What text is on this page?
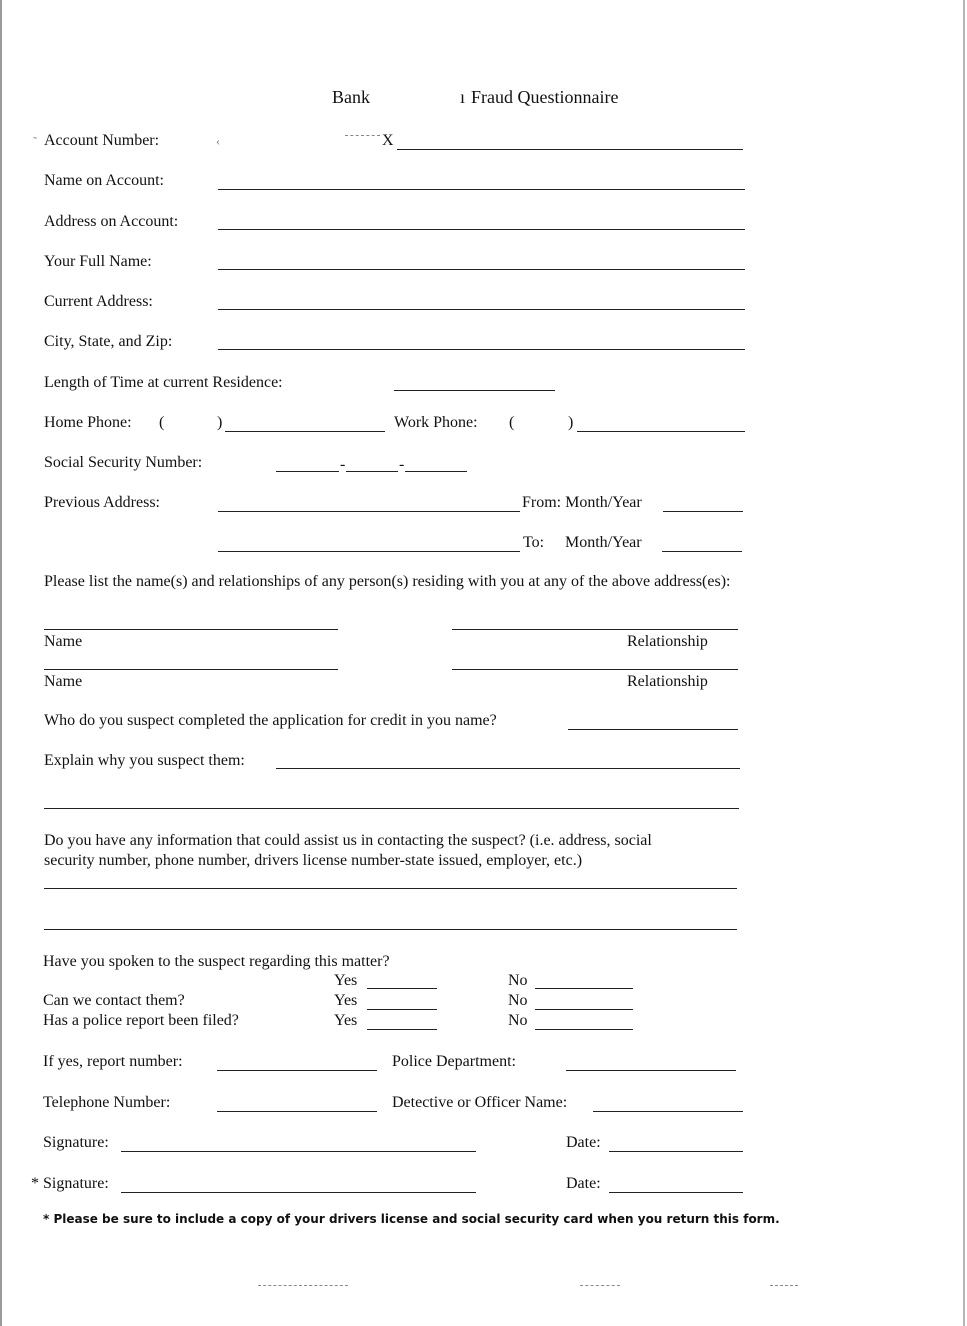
Bank	ı Fraud Questionnaire
˜ Account Number:	‹	X
Name on Account:
Address on Account:
Your Full Name:
Current Address:
City, State, and Zip:
Length of Time at current Residence:
Home Phone: (	)	Work Phone: (	)
Social Security Number:	-	-
Previous Address:	From: Month/Year
To: Month/Year
Please list the name(s) and relationships of any person(s) residing with you at any of the above address(es):
Name	Relationship
Name	Relationship
Who do you suspect completed the application for credit in you name?
Explain why you suspect them:
Do you have any information that could assist us in contacting the suspect? (i.e. address, social
security number, phone number, drivers license number-state issued, employer, etc.)
Have you spoken to the suspect regarding this matter?
Yes	No
Can we contact them?	Yes	No
Has a police report been filed?	Yes	No
If yes, report number:	Police Department:
Telephone Number:	Detective or Officer Name:
Signature:	Date:
* Signature:	Date:
* Please be sure to include a copy of your drivers license and social security card when you return this form.
